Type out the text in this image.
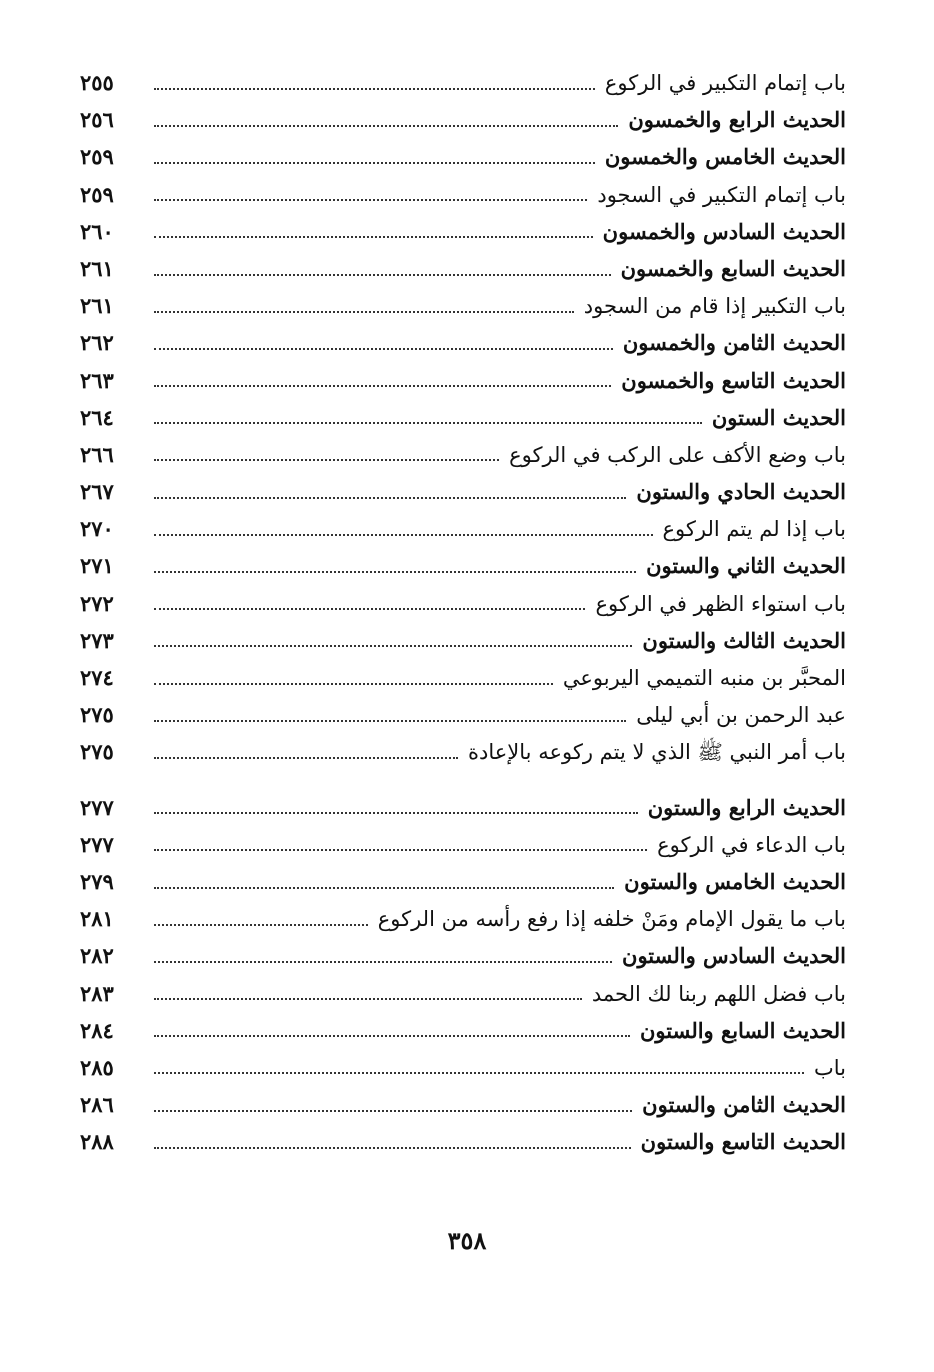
باب إتمام التكبير في الركوع
٢٥٥
الحديث الرابع والخمسون
٢٥٦
الحديث الخامس والخمسون
٢٥٩
باب إتمام التكبير في السجود
٢٥٩
الحديث السادس والخمسون
٢٦٠
الحديث السابع والخمسون
٢٦١
باب التكبير إذا قام من السجود
٢٦١
الحديث الثامن والخمسون
٢٦٢
الحديث التاسع والخمسون
٢٦٣
الحديث الستون
٢٦٤
باب وضع الأكف على الركب في الركوع
٢٦٦
الحديث الحادي والستون
٢٦٧
باب إذا لم يتم الركوع
٢٧٠
الحديث الثاني والستون
٢٧١
باب استواء الظهر في الركوع
٢٧٢
الحديث الثالث والستون
٢٧٣
المحبَّر بن منبه التميمي اليربوعي
٢٧٤
عبد الرحمن بن أبي ليلى
٢٧٥
باب أمر النبي ﷺ الذي لا يتم ركوعه بالإعادة
٢٧٥
الحديث الرابع والستون
٢٧٧
باب الدعاء في الركوع
٢٧٧
الحديث الخامس والستون
٢٧٩
باب ما يقول الإمام ومَنْ خلفه إذا رفع رأسه من الركوع
٢٨١
الحديث السادس والستون
٢٨٢
باب فضل اللهم ربنا لك الحمد
٢٨٣
الحديث السابع والستون
٢٨٤
باب
٢٨٥
الحديث الثامن والستون
٢٨٦
الحديث التاسع والستون
٢٨٨
٣٥٨
